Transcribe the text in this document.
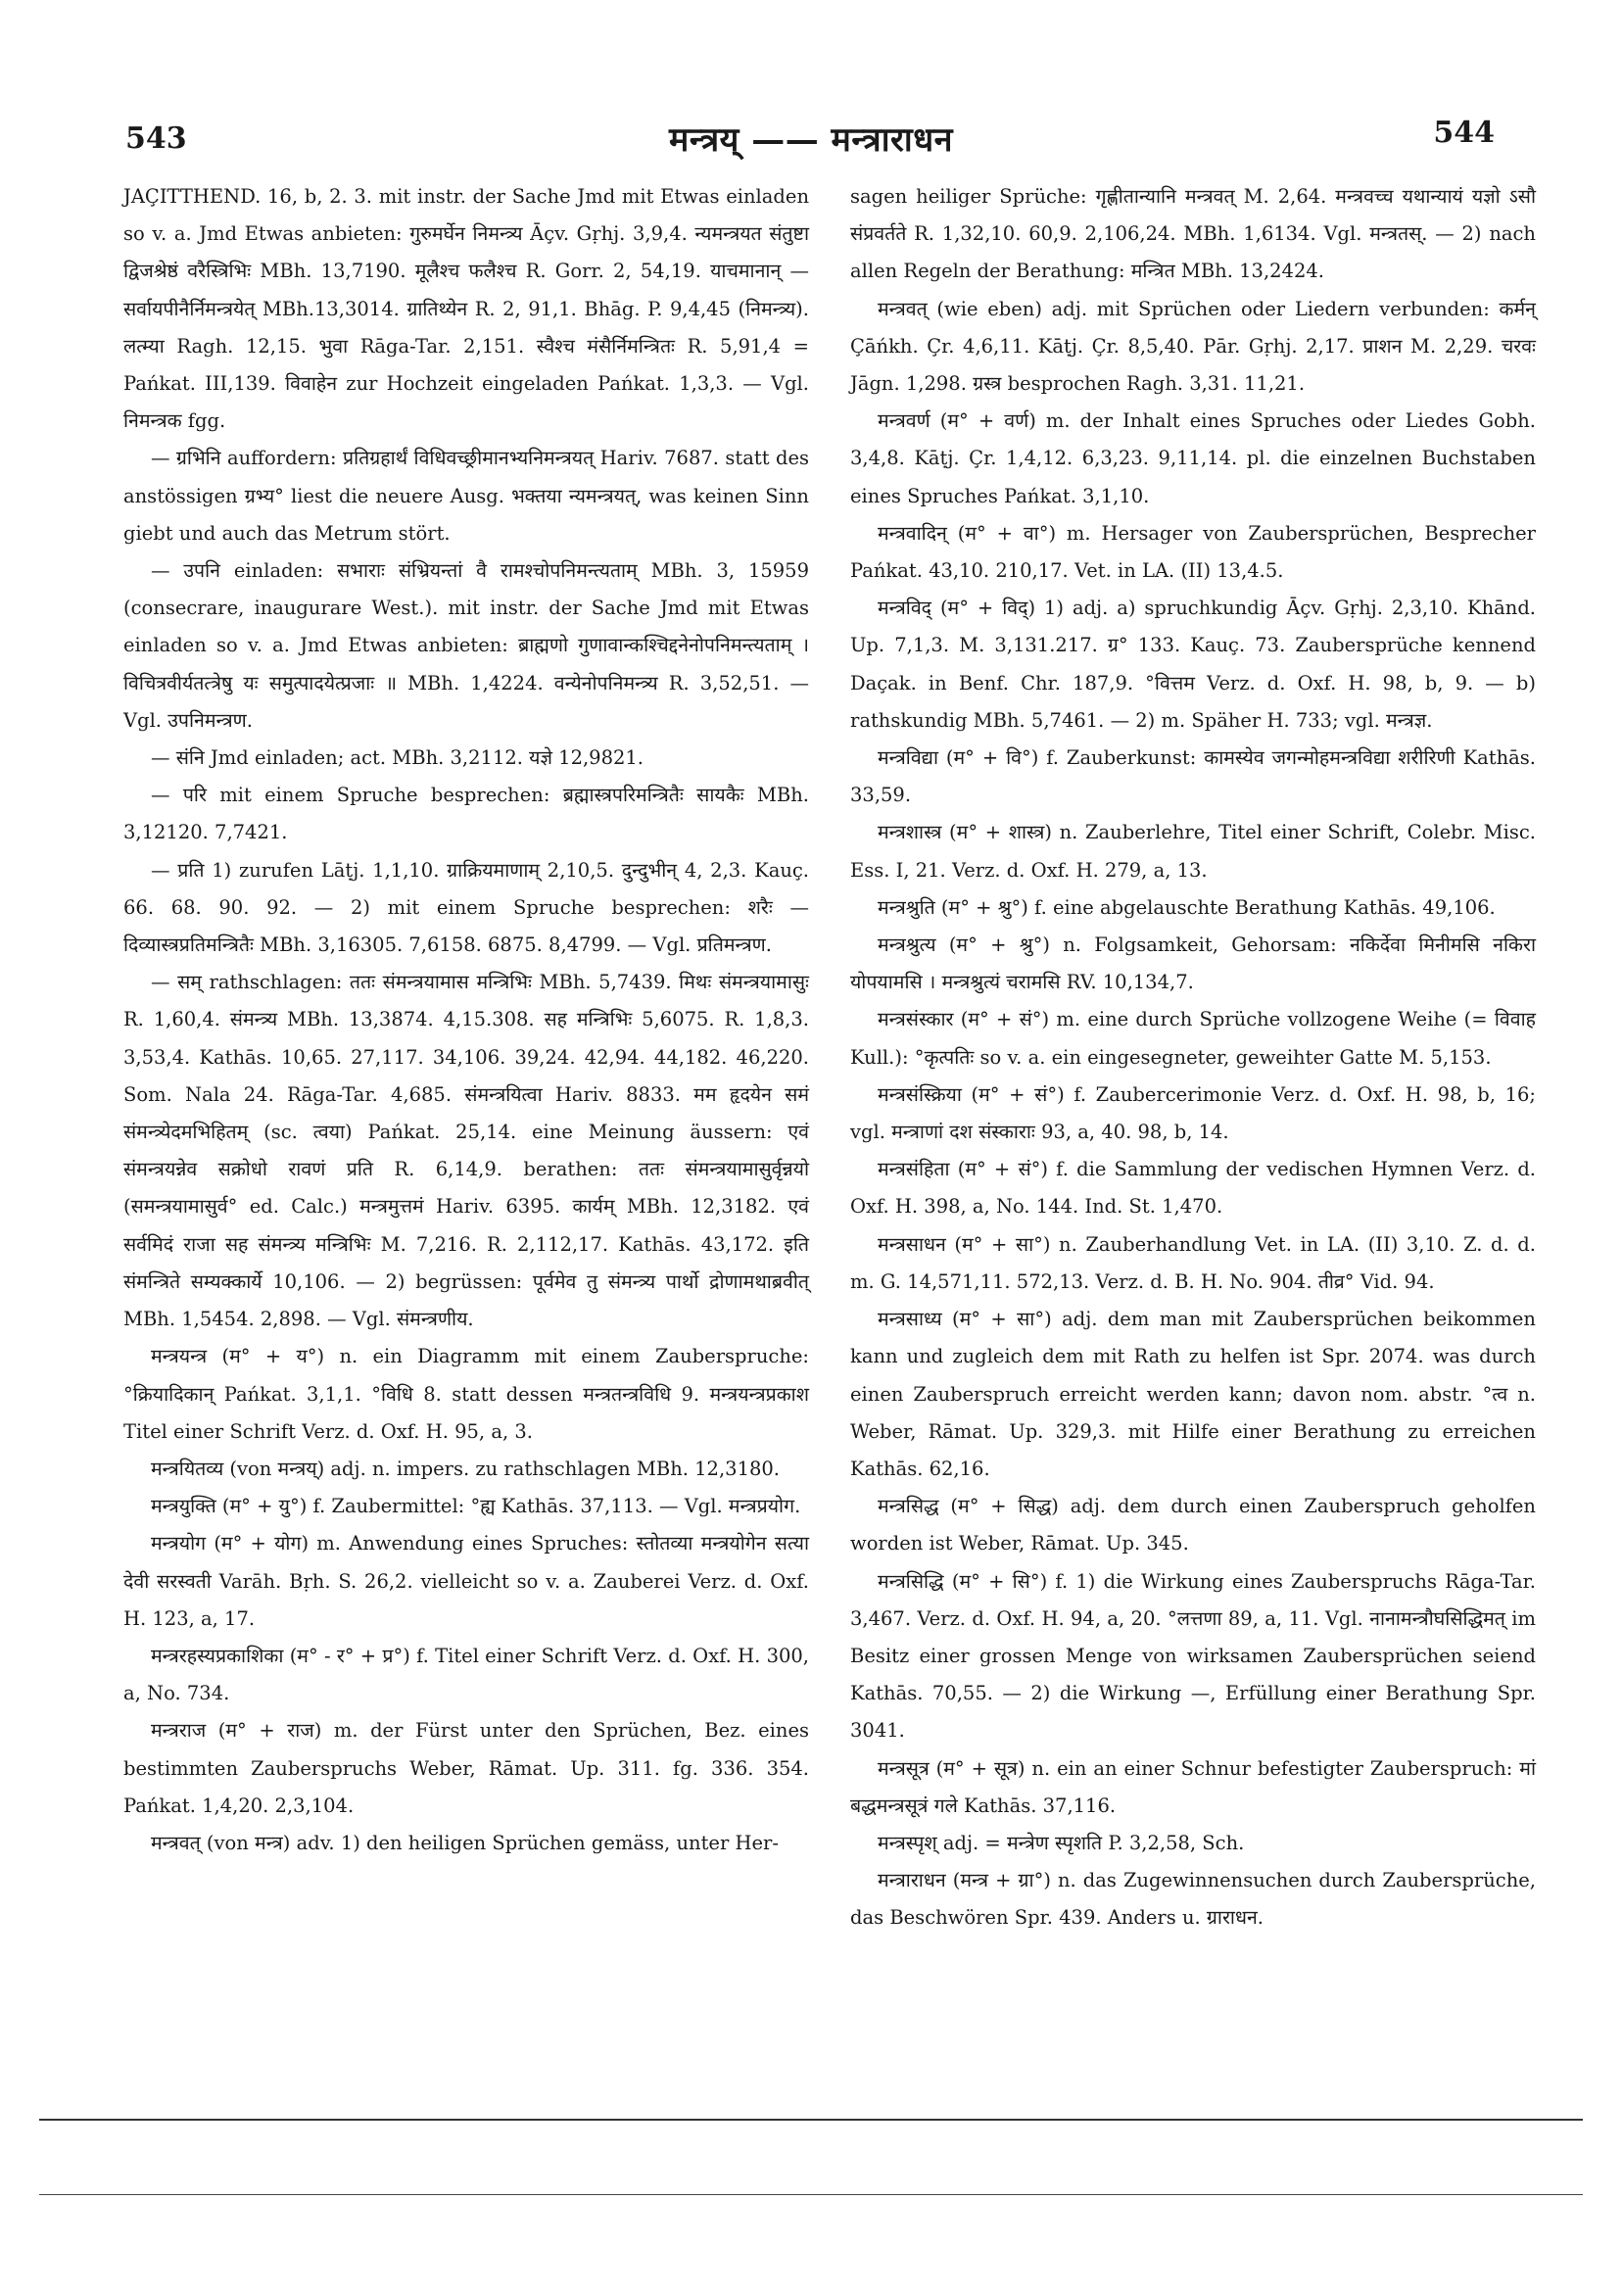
543	मन्त्रय् —— मन्त्राराधन	544

JAÇITTHEND. 16, b, 2. 3. mit instr. der Sache Jmd mit Etwas einladen so v. a. Jmd Etwas anbieten: गुरुमर्घेन निमन्त्र्य Āçv. Gṛhj. 3,9,4. न्यमन्त्रयत संतुष्टा द्विजश्रेष्ठं वरैस्त्रिभिः MBh. 13,7190. मूलैश्च फलैश्च R. Gorr. 2, 54,19. याचमानान् — सर्वायपीनैर्निमन्त्रयेत् MBh.13,3014. ग्रातिथ्येन R. 2, 91,1. Bhāg. P. 9,4,45 (निमन्त्र्य). लत्म्या Ragh. 12,15. भुवा Rāga-Tar. 2,151. स्वैश्च मंसैर्निमन्त्रितः R. 5,91,4 = Pańkat. III,139. विवाहेन zur Hochzeit eingeladen Pańkat. 1,3,3. — Vgl. निमन्त्रक fgg.

— ग्रभिनि auffordern: प्रतिग्रहार्थं विधिवच्छ्रीमानभ्यनिमन्त्रयत् Hariv. 7687. statt des anstössigen ग्रभ्य° liest die neuere Ausg. भक्तया न्यमन्त्रयत्, was keinen Sinn giebt und auch das Metrum stört.

— उपनि einladen: सभाराः संभ्रियन्तां वै रामश्चोपनिमन्त्यताम् MBh. 3, 15959 (consecrare, inaugurare West.). mit instr. der Sache Jmd mit Etwas einladen so v. a. Jmd Etwas anbieten: ब्राह्मणो गुणावान्कश्चिद्दनेनोपनिमन्त्यताम् । विचित्रवीर्यतत्त्रेषु यः समुत्पादयेत्प्रजाः ॥ MBh. 1,4224. वन्येनोपनिमन्त्र्य R. 3,52,51. — Vgl. उपनिमन्त्रण.

— संनि Jmd einladen; act. MBh. 3,2112. यज्ञे 12,9821.

— परि mit einem Spruche besprechen: ब्रह्मास्त्रपरिमन्त्रितैः सायकैः MBh. 3,12120. 7,7421.

— प्रति 1) zurufen Lāṭj. 1,1,10. ग्राक्रियमाणाम् 2,10,5. दुन्दुभीन् 4, 2,3. Kauç. 66. 68. 90. 92. — 2) mit einem Spruche besprechen: शरैः — दिव्यास्त्रप्रतिमन्त्रितैः MBh. 3,16305. 7,6158. 6875. 8,4799. — Vgl. प्रतिमन्त्रण.

— सम् rathschlagen: ततः संमन्त्रयामास मन्त्रिभिः MBh. 5,7439. मिथः संमन्त्रयामासुः R. 1,60,4. संमन्त्र्य MBh. 13,3874. 4,15.308. सह मन्त्रिभिः 5,6075. R. 1,8,3. 3,53,4. Kathās. 10,65. 27,117. 34,106. 39,24. 42,94. 44,182. 46,220. Som. Nala 24. Rāga-Tar. 4,685. संमन्त्रयित्वा Hariv. 8833. मम हृदयेन समं संमन्त्र्येदमभिहितम् (sc. त्वया) Pańkat. 25,14. eine Meinung äussern: एवं संमन्त्रयन्नेव सक्रोधो रावणं प्रति R. 6,14,9. berathen: ततः संमन्त्रयामासुर्वृन्नयो (समन्त्रयामासुर्व° ed. Calc.) मन्त्रमुत्तमं Hariv. 6395. कार्यम् MBh. 12,3182. एवं सर्वमिदं राजा सह संमन्त्र्य मन्त्रिभिः M. 7,216. R. 2,112,17. Kathās. 43,172. इति संमन्त्रिते सम्यक्कार्ये 10,106. — 2) begrüssen: पूर्वमेव तु संमन्त्र्य पार्थो द्रोणामथाब्रवीत् MBh. 1,5454. 2,898. — Vgl. संमन्त्रणीय.

मन्त्रयन्त्र (म° + य°) n. ein Diagramm mit einem Zauberspruche: °क्रियादिकान् Pańkat. 3,1,1. °विधि 8. statt dessen मन्त्रतन्त्रविधि 9. मन्त्रयन्त्रप्रकाश Titel einer Schrift Verz. d. Oxf. H. 95, a, 3.

मन्त्रयितव्य (von मन्त्रय्) adj. n. impers. zu rathschlagen MBh. 12,3180.

मन्त्रयुक्ति (म° + यु°) f. Zaubermittel: °ह्य Kathās. 37,113. — Vgl. मन्त्रप्रयोग.

मन्त्रयोग (म° + योग) m. Anwendung eines Spruches: स्तोतव्या मन्त्रयोगेन सत्या देवी सरस्वती Varāh. Bṛh. S. 26,2. vielleicht so v. a. Zauberei Verz. d. Oxf. H. 123, a, 17.

मन्त्ररहस्यप्रकाशिका (म° - र° + प्र°) f. Titel einer Schrift Verz. d. Oxf. H. 300, a, No. 734.

मन्त्रराज (म° + राज) m. der Fürst unter den Sprüchen, Bez. eines bestimmten Zauberspruchs Weber, Rāmat. Up. 311. fg. 336. 354. Pańkat. 1,4,20. 2,3,104.

मन्त्रवत् (von मन्त्र) adv. 1) den heiligen Sprüchen gemäss, unter Her-

sagen heiliger Sprüche: गृह्णीतान्यानि मन्त्रवत् M. 2,64. मन्त्रवच्च यथान्यायं यज्ञो ऽसौ संप्रवर्तते R. 1,32,10. 60,9. 2,106,24. MBh. 1,6134. Vgl. मन्त्रतस्. — 2) nach allen Regeln der Berathung: मन्त्रित MBh. 13,2424.

मन्त्रवत् (wie eben) adj. mit Sprüchen oder Liedern verbunden: कर्मन् Çāńkh. Çr. 4,6,11. Kāṭj. Çr. 8,5,40. Pār. Gṛhj. 2,17. प्राशन M. 2,29. चरवः Jāgn. 1,298. ग्रस्त्र besprochen Ragh. 3,31. 11,21.

मन्त्रवर्ण (म° + वर्ण) m. der Inhalt eines Spruches oder Liedes Gobh. 3,4,8. Kāṭj. Çr. 1,4,12. 6,3,23. 9,11,14. pl. die einzelnen Buchstaben eines Spruches Pańkat. 3,1,10.

मन्त्रवादिन् (म° + वा°) m. Hersager von Zaubersprüchen, Besprecher Pańkat. 43,10. 210,17. Vet. in LA. (II) 13,4.5.

मन्त्रविद् (म° + विद्) 1) adj. a) spruchkundig Āçv. Gṛhj. 2,3,10. Khānd. Up. 7,1,3. M. 3,131.217. ग्र° 133. Kauç. 73. Zaubersprüche kennend Daçak. in Benf. Chr. 187,9. °वित्तम Verz. d. Oxf. H. 98, b, 9. — b) rathskundig MBh. 5,7461. — 2) m. Späher H. 733; vgl. मन्त्रज्ञ.

मन्त्रविद्या (म° + वि°) f. Zauberkunst: कामस्येव जगन्मोहमन्त्रविद्या शरीरिणी Kathās. 33,59.

मन्त्रशास्त्र (म° + शास्त्र) n. Zauberlehre, Titel einer Schrift, Colebr. Misc. Ess. I, 21. Verz. d. Oxf. H. 279, a, 13.

मन्त्रश्रुति (म° + श्रु°) f. eine abgelauschte Berathung Kathās. 49,106.

मन्त्रश्रुत्य (म° + श्रु°) n. Folgsamkeit, Gehorsam: नकिर्देवा मिनीमसि नकिरा योपयामसि । मन्त्रश्रुत्यं चरामसि RV. 10,134,7.

मन्त्रसंस्कार (म° + सं°) m. eine durch Sprüche vollzogene Weihe (= विवाह Kull.): °कृत्पतिः so v. a. ein eingesegneter, geweihter Gatte M. 5,153.

मन्त्रसंस्क्रिया (म° + सं°) f. Zaubercerimonie Verz. d. Oxf. H. 98, b, 16; vgl. मन्त्राणां दश संस्काराः 93, a, 40. 98, b, 14.

मन्त्रसंहिता (म° + सं°) f. die Sammlung der vedischen Hymnen Verz. d. Oxf. H. 398, a, No. 144. Ind. St. 1,470.

मन्त्रसाधन (म° + सा°) n. Zauberhandlung Vet. in LA. (II) 3,10. Z. d. d. m. G. 14,571,11. 572,13. Verz. d. B. H. No. 904. तीव्र° Vid. 94.

मन्त्रसाध्य (म° + सा°) adj. dem man mit Zaubersprüchen beikommen kann und zugleich dem mit Rath zu helfen ist Spr. 2074. was durch einen Zauberspruch erreicht werden kann; davon nom. abstr. °त्व n. Weber, Rāmat. Up. 329,3. mit Hilfe einer Berathung zu erreichen Kathās. 62,16.

मन्त्रसिद्ध (म° + सिद्ध) adj. dem durch einen Zauberspruch geholfen worden ist Weber, Rāmat. Up. 345.

मन्त्रसिद्धि (म° + सि°) f. 1) die Wirkung eines Zauberspruchs Rāga-Tar. 3,467. Verz. d. Oxf. H. 94, a, 20. °लत्तणा 89, a, 11. Vgl. नानामन्त्रौघसिद्धिमत् im Besitz einer grossen Menge von wirksamen Zaubersprüchen seiend Kathās. 70,55. — 2) die Wirkung —, Erfüllung einer Berathung Spr. 3041.

मन्त्रसूत्र (म° + सूत्र) n. ein an einer Schnur befestigter Zauberspruch: मां बद्धमन्त्रसूत्रं गले Kathās. 37,116.

मन्त्रस्पृश् adj. = मन्त्रेण स्पृशति P. 3,2,58, Sch.

मन्त्राराधन (मन्त्र + ग्रा°) n. das Zugewinnensuchen durch Zaubersprüche, das Beschwören Spr. 439. Anders u. ग्राराधन.
